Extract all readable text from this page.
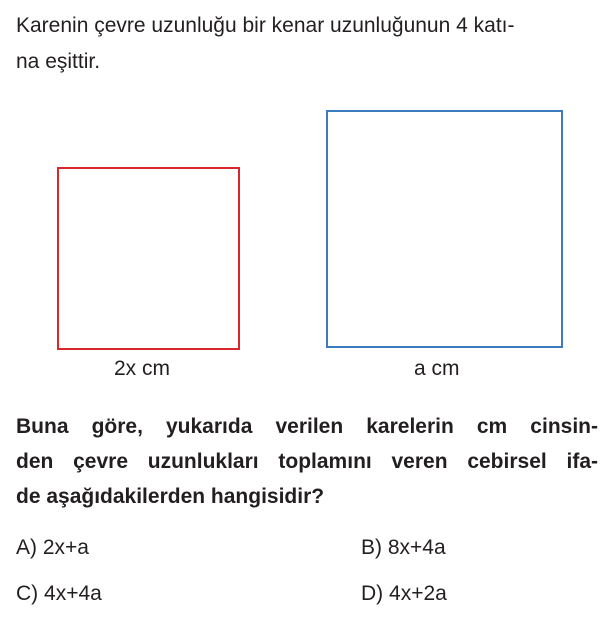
Karenin çevre uzunluğu bir kenar uzunluğunun 4 katı-
na eşittir.
2x cm	a cm
Buna göre, yukarıda verilen karelerin cm cinsin-
den çevre uzunlukları toplamını veren cebirsel ifa-
de aşağıdakilerden hangisidir?
A) 2x+a	B) 8x+4a
C) 4x+4a	D) 4x+2a
